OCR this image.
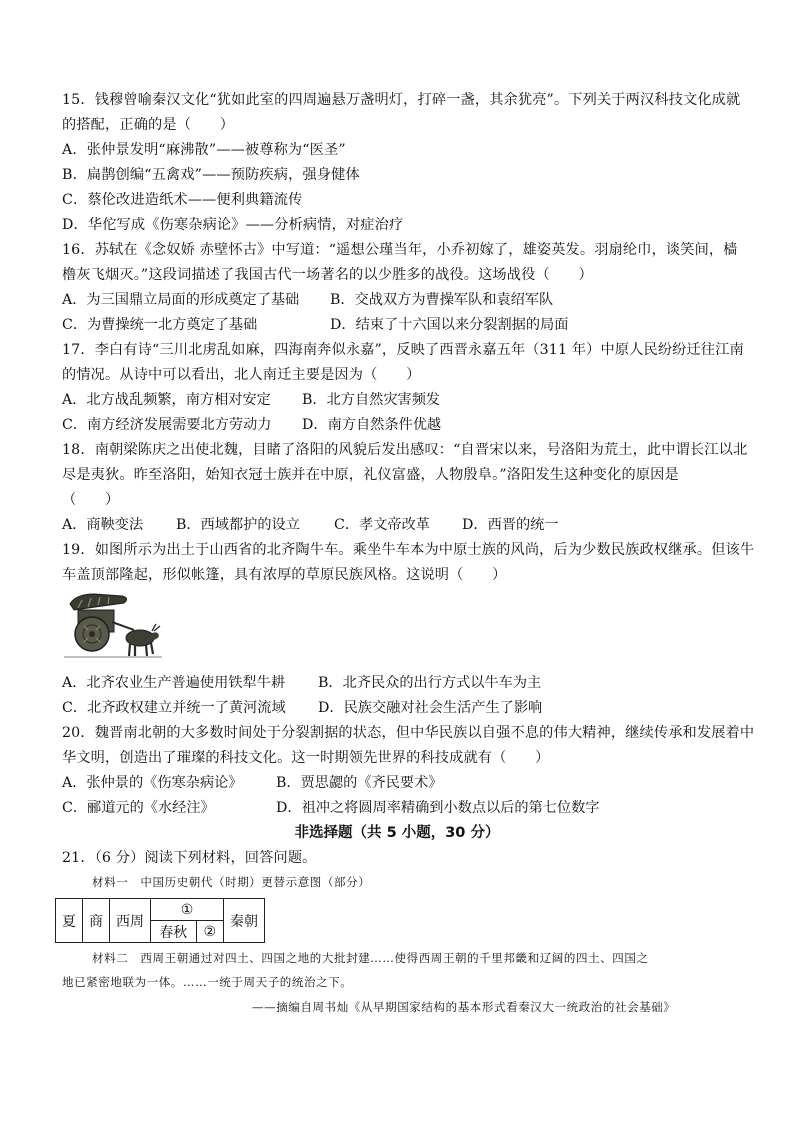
15．钱穆曾喻秦汉文化“犹如此室的四周遍悬万盏明灯，打碎一盏，其余犹亮”。下列关于两汉科技文化成就
的搭配，正确的是（　　）
A．张仲景发明“麻沸散”——被尊称为“医圣”
B．扁鹊创编“五禽戏”——预防疾病，强身健体
C．蔡伦改进造纸术——便利典籍流传
D．华佗写成《伤寒杂病论》——分析病情，对症治疗
16．苏轼在《念奴娇 赤壁怀古》中写道：“遥想公瑾当年，小乔初嫁了，雄姿英发。羽扇纶巾，谈笑间，樯
橹灰飞烟灭。”这段词描述了我国古代一场著名的以少胜多的战役。这场战役（　　）
A．为三国鼎立局面的形成奠定了基础 B．交战双方为曹操军队和袁绍军队
C．为曹操统一北方奠定了基础	D．结束了十六国以来分裂割据的局面
17．李白有诗“三川北虏乱如麻，四海南奔似永嘉”，反映了西晋永嘉五年（311 年）中原人民纷纷迁往江南
的情况。从诗中可以看出，北人南迁主要是因为（　　）
A．北方战乱频繁，南方相对安定 B．北方自然灾害频发
C．南方经济发展需要北方劳动力 D．南方自然条件优越
18．南朝梁陈庆之出使北魏，目睹了洛阳的风貌后发出感叹：“自晋宋以来，号洛阳为荒土，此中谓长江以北
尽是夷狄。昨至洛阳，始知衣冠士族并在中原，礼仪富盛，人物殷阜。”洛阳发生这种变化的原因是
（　　）
A．商鞅变法 B．西域都护的设立 C．孝文帝改革 D．西晋的统一
19．如图所示为出土于山西省的北齐陶牛车。乘坐牛车本为中原士族的风尚，后为少数民族政权继承。但该牛
车盖顶部隆起，形似帐篷，具有浓厚的草原民族风格。这说明（　　）
A．北齐农业生产普遍使用铁犁牛耕 B．北齐民众的出行方式以牛车为主
C．北齐政权建立并统一了黄河流域 D．民族交融对社会生活产生了影响
20．魏晋南北朝的大多数时间处于分裂割据的状态，但中华民族以自强不息的伟大精神，继续传承和发展着中
华文明，创造出了璀璨的科技文化。这一时期领先世界的科技成就有（　　）
A．张仲景的《伤寒杂病论》 B．贾思勰的《齐民要术》
C．郦道元的《水经注》	D．祖冲之将圆周率精确到小数点以后的第七位数字
非选择题（共 5 小题，30 分）
21．（6 分）阅读下列材料，回答问题。
材料一　中国历史朝代（时期）更替示意图（部分）
夏	商	西周	①		秦朝
			春秋	②	
材料二　西周王朝通过对四土、四国之地的大批封建……使得西周王朝的千里邦畿和辽阔的四土、四国之
地已紧密地联为一体。……一统于周天子的统治之下。
——摘编自周书灿《从早期国家结构的基本形式看秦汉大一统政治的社会基础》
